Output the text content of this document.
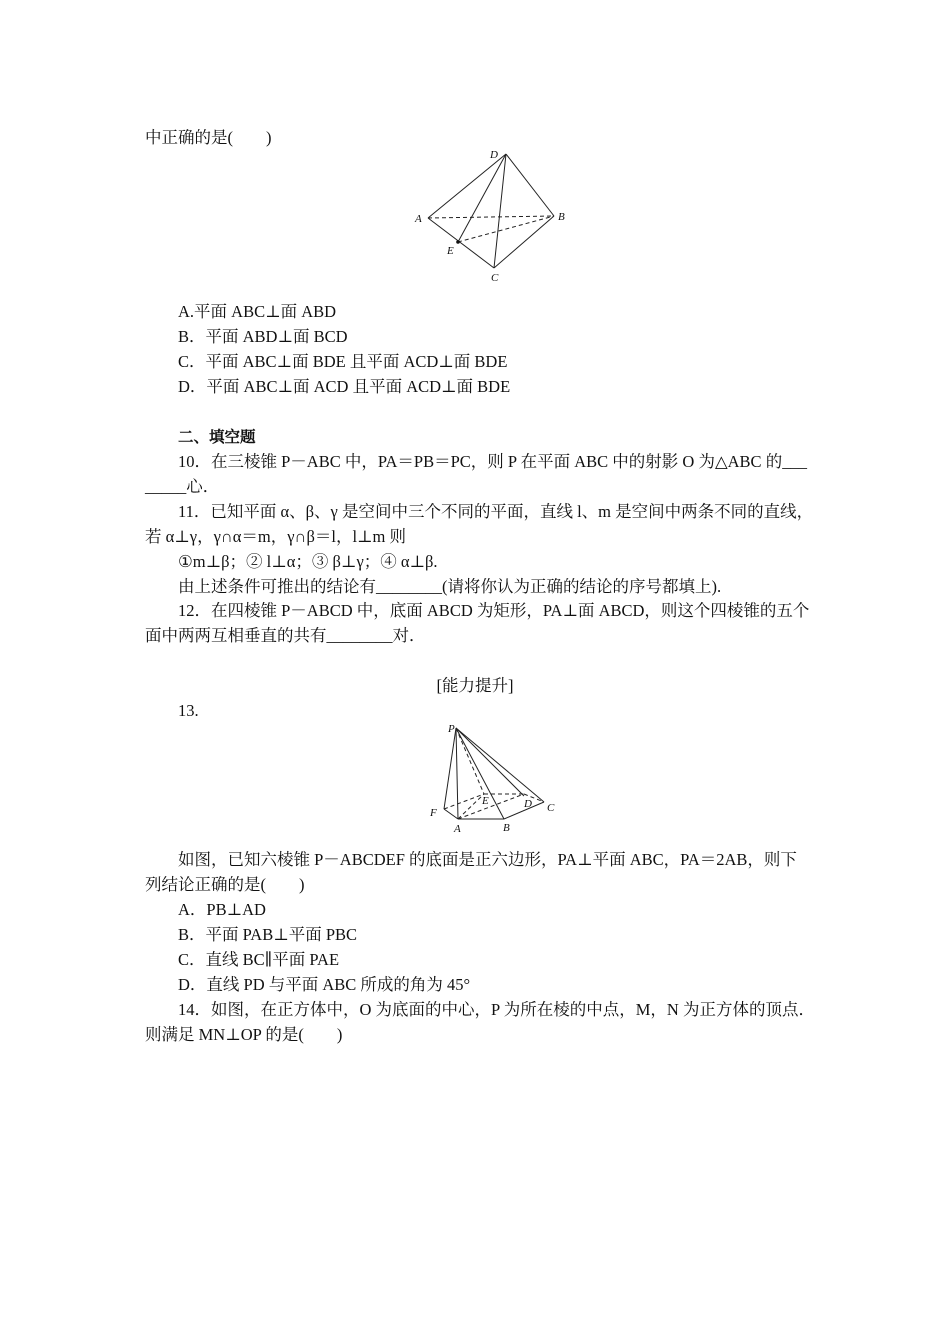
中正确的是(　　)
D
A	B
E
C
A.平面 ABC⊥面 ABD
B．平面 ABD⊥面 BCD
C．平面 ABC⊥面 BDE 且平面 ACD⊥面 BDE
D．平面 ABC⊥面 ACD 且平面 ACD⊥面 BDE
二、填空题
10．在三棱锥 P－ABC 中，PA＝PB＝PC，则 P 在平面 ABC 中的射影 O 为△ABC 的___
_____心．
11．已知平面 α、β、γ 是空间中三个不同的平面，直线 l、m 是空间中两条不同的直线，
若 α⊥γ，γ∩α＝m，γ∩β＝l，l⊥m 则
①m⊥β；② l⊥α；③ β⊥γ；④ α⊥β.
由上述条件可推出的结论有________(请将你认为正确的结论的序号都填上).
12．在四棱锥 P－ABCD 中，底面 ABCD 为矩形，PA⊥面 ABCD，则这个四棱锥的五个
面中两两互相垂直的共有________对．
[能力提升]
13.
P
F
E	D C
A	B
如图，已知六棱锥 P－ABCDEF 的底面是正六边形，PA⊥平面 ABC，PA＝2AB，则下
列结论正确的是(　　)
A．PB⊥AD
B．平面 PAB⊥平面 PBC
C．直线 BC∥平面 PAE
D．直线 PD 与平面 ABC 所成的角为 45°
14．如图，在正方体中，O 为底面的中心，P 为所在棱的中点，M，N 为正方体的顶点．
则满足 MN⊥OP 的是(　　)
